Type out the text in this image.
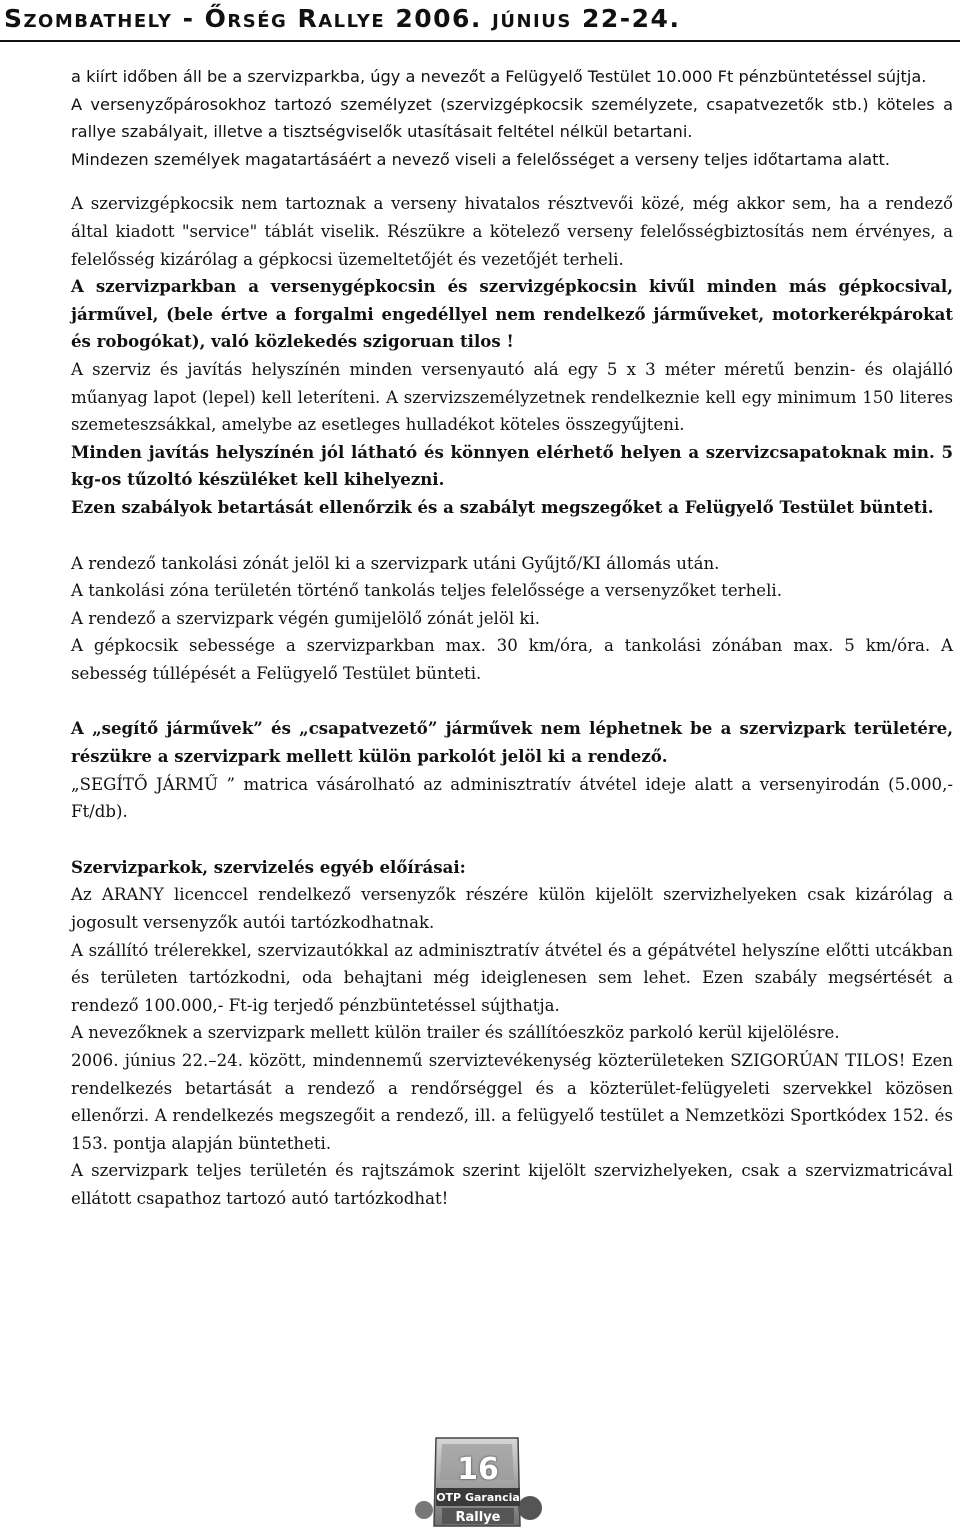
Szombathely - Őrség Rallye 2006. június 22-24.

a kiírt időben áll be a szervizparkba, úgy a nevezőt a Felügyelő Testület 10.000 Ft pénzbüntetéssel sújtja.

A versenyzőpárosokhoz tartozó személyzet (szervizgépkocsik személyzete, csapatvezetők stb.) köteles a rallye szabályait, illetve a tisztségviselők utasításait feltétel nélkül betartani.

Mindezen személyek magatartásáért a nevező viseli a felelősséget a verseny teljes időtartama alatt.

A szervizgépkocsik nem tartoznak a verseny hivatalos résztvevői közé, még akkor sem, ha a rendező által kiadott "service" táblát viselik. Részükre a kötelező verseny felelősségbiztosítás nem érvényes, a felelősség kizárólag a gépkocsi üzemeltetőjét és vezetőjét terheli.

A szervizparkban a versenygépkocsin és szervizgépkocsin kivűl minden más gépkocsival, járművel, (bele értve a forgalmi engedéllyel nem rendelkező járműveket, motorkerékpárokat és robogókat), való közlekedés szigoruan tilos !

A szerviz és javítás helyszínén minden versenyautó alá egy 5 x 3 méter méretű benzin- és olajálló műanyag lapot (lepel) kell leteríteni. A szervizszemélyzetnek rendelkeznie kell egy minimum 150 literes szemeteszsákkal, amelybe az esetleges hulladékot köteles összegyűjteni.

Minden javítás helyszínén jól látható és könnyen elérhető helyen a szervizcsapatoknak min. 5 kg-os tűzoltó készüléket kell kihelyezni.

Ezen szabályok betartását ellenőrzik és a szabályt megszegőket a Felügyelő Testület bünteti.

A rendező tankolási zónát jelöl ki a szervizpark utáni Gyűjtő/KI állomás után.

A tankolási zóna területén történő tankolás teljes felelőssége a versenyzőket terheli.

A rendező a szervizpark végén gumijelölő zónát jelöl ki.

A gépkocsik sebessége a szervizparkban max. 30 km/óra, a tankolási zónában max. 5 km/óra. A sebesség túllépését a Felügyelő Testület bünteti.

A „segítő járművek” és „csapatvezető” járművek nem léphetnek be a szervizpark területére, részükre a szervizpark mellett külön parkolót jelöl ki a rendező.

„SEGÍTŐ JÁRMŰ ” matrica vásárolható az adminisztratív átvétel ideje alatt a versenyirodán (5.000,- Ft/db).

Szervizparkok, szervizelés egyéb előírásai:

Az ARANY licenccel rendelkező versenyzők részére külön kijelölt szervizhelyeken csak kizárólag a jogosult versenyzők autói tartózkodhatnak.

A szállító trélerekkel, szervizautókkal az adminisztratív átvétel és a gépátvétel helyszíne előtti utcákban és területen tartózkodni, oda behajtani még ideiglenesen sem lehet. Ezen szabály megsértését a rendező 100.000,- Ft-ig terjedő pénzbüntetéssel sújthatja.

A nevezőknek a szervizpark mellett külön trailer és szállítóeszköz parkoló kerül kijelölésre.

2006. június 22.–24. között, mindennemű szerviztevékenység közterületeken SZIGORÚAN TILOS! Ezen rendelkezés betartását a rendező a rendőrséggel és a közterület-felügyeleti szervekkel közösen ellenőrzi. A rendelkezés megszegőit a rendező, ill. a felügyelő testület a Nemzetközi Sportkódex 152. és 153. pontja alapján büntetheti.

A szervizpark teljes területén és rajtszámok szerint kijelölt szervizhelyeken, csak a szervizmatricával ellátott csapathoz tartozó autó tartózkodhat!

OTP Garancia
Rallye
16
